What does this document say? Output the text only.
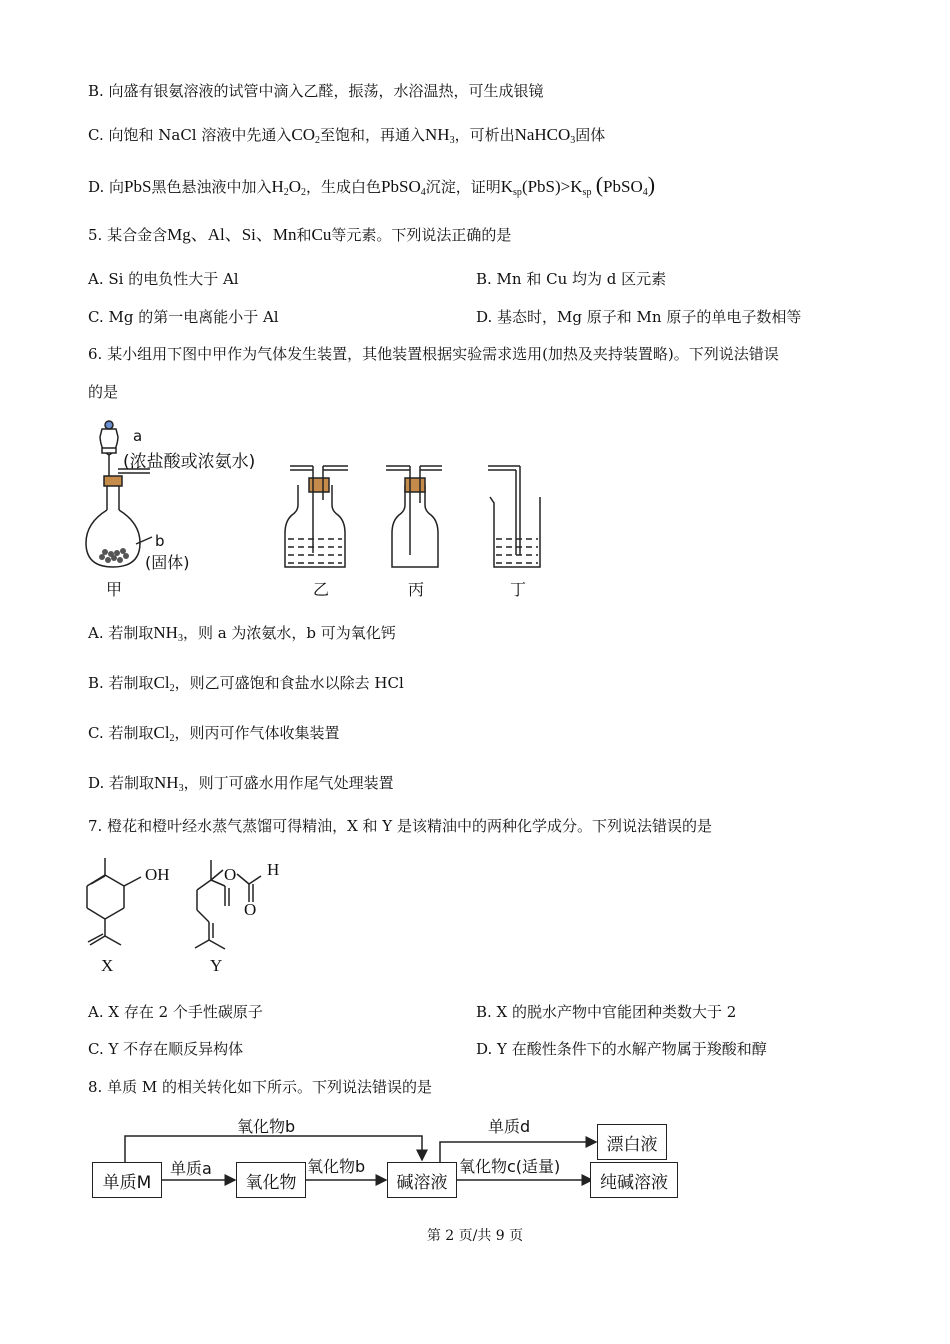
B. 向盛有银氨溶液的试管中滴入乙醛，振荡，水浴温热，可生成银镜
C. 向饱和 NaCl 溶液中先通入$CO_2$至饱和，再通入$NH_3$，可析出NaHCO$_3$固体
D. 向PbS黑色悬浊液中加入$H_2O_2$，生成白色PbSO$_4$沉淀，证明$K_{sp}(PbS)>K_{sp}$ (PbSO$_4$)
5. 某合金含Mg、Al、Si、Mn和Cu等元素。下列说法正确的是
A. Si 的电负性大于 Al	B. Mn 和 Cu 均为 d 区元素
C. Mg 的第一电离能小于 Al	D. 基态时，Mg 原子和 Mn 原子的单电子数相等
6. 某小组用下图中甲作为气体发生装置，其他装置根据实验需求选用(加热及夹持装置略)。下列说法错误
的是
a
(浓盐酸或浓氨水)
b
(固体)
甲	乙	丙	丁
A. 若制取$NH_3$，则 a 为浓氨水，b 可为氧化钙
B. 若制取$Cl_2$，则乙可盛饱和食盐水以除去 HCl
C. 若制取$Cl_2$，则丙可作气体收集装置
D. 若制取$NH_3$，则丁可盛水用作尾气处理装置
7. 橙花和橙叶经水蒸气蒸馏可得精油，X 和 Y 是该精油中的两种化学成分。下列说法错误的是
OH	O H
O
X	Y
A. X 存在 2 个手性碳原子	B. X 的脱水产物中官能团种类数大于 2
C. Y 不存在顺反异构体	D. Y 在酸性条件下的水解产物属于羧酸和醇
8. 单质 M 的相关转化如下所示。下列说法错误的是
单质M	氧化物	碱溶液
漂白液
纯碱溶液
氧化物b
单质a	氧化物b
单质d
氧化物c(适量)
第 2 页/共 9 页
